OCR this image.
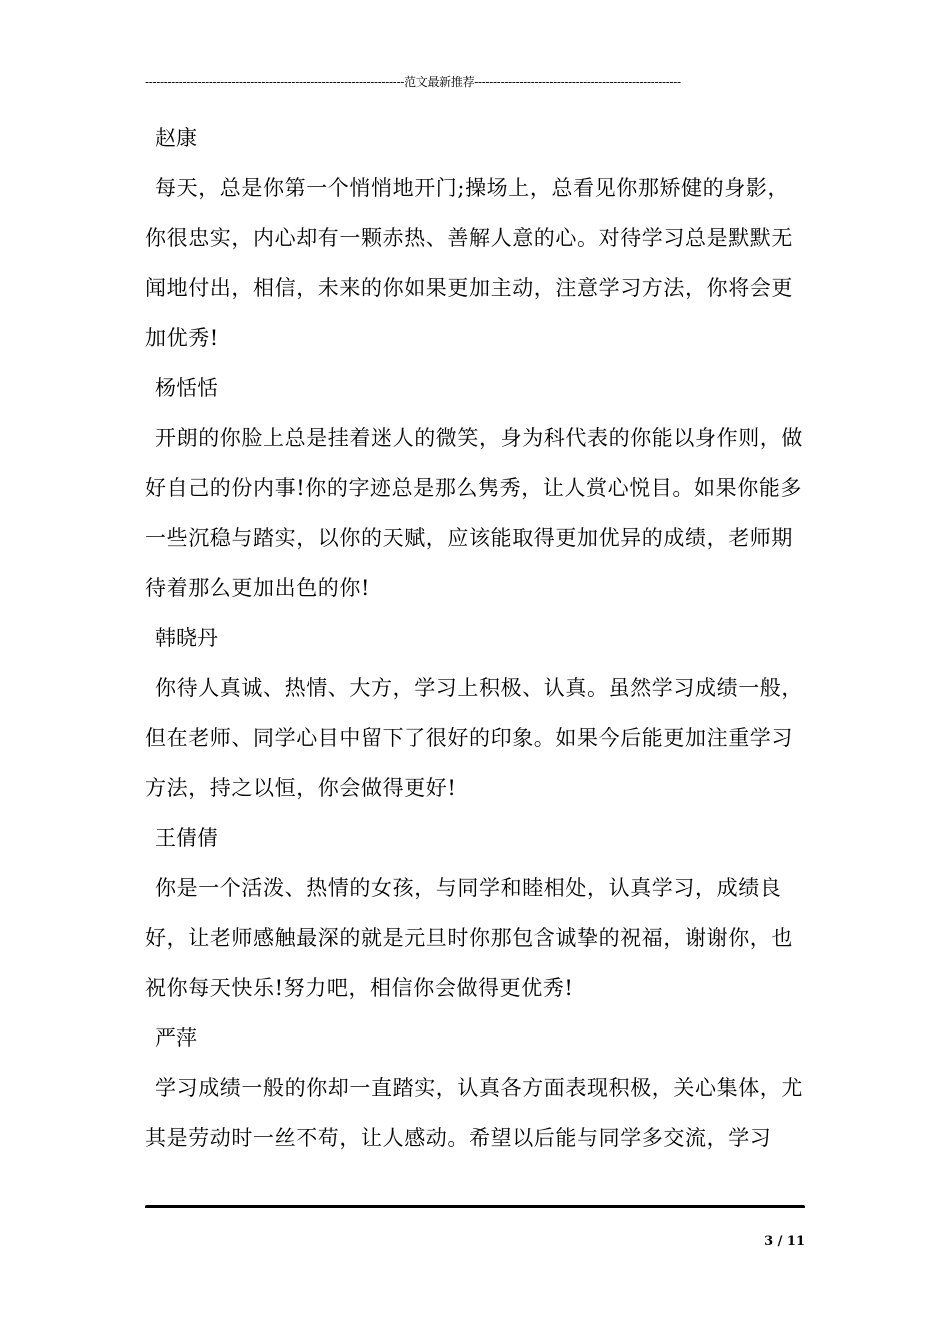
---------------------------------------------------------------------范文最新推荐-------------------------------------------------------
赵康
每天，总是你第一个悄悄地开门;操场上，总看见你那矫健的身影，你很忠实，内心却有一颗赤热、善解人意的心。对待学习总是默默无闻地付出，相信，未来的你如果更加主动，注意学习方法，你将会更加优秀!
杨恬恬
开朗的你脸上总是挂着迷人的微笑，身为科代表的你能以身作则，做好自己的份内事!你的字迹总是那么隽秀，让人赏心悦目。如果你能多一些沉稳与踏实，以你的天赋，应该能取得更加优异的成绩，老师期待着那么更加出色的你!
韩晓丹
你待人真诚、热情、大方，学习上积极、认真。虽然学习成绩一般，但在老师、同学心目中留下了很好的印象。如果今后能更加注重学习方法，持之以恒，你会做得更好!
王倩倩
你是一个活泼、热情的女孩，与同学和睦相处，认真学习，成绩良好，让老师感触最深的就是元旦时你那包含诚挚的祝福，谢谢你，也祝你每天快乐!努力吧，相信你会做得更优秀!
严萍
学习成绩一般的你却一直踏实，认真各方面表现积极，关心集体，尤其是劳动时一丝不苟，让人感动。希望以后能与同学多交流，学习
3 / 11
